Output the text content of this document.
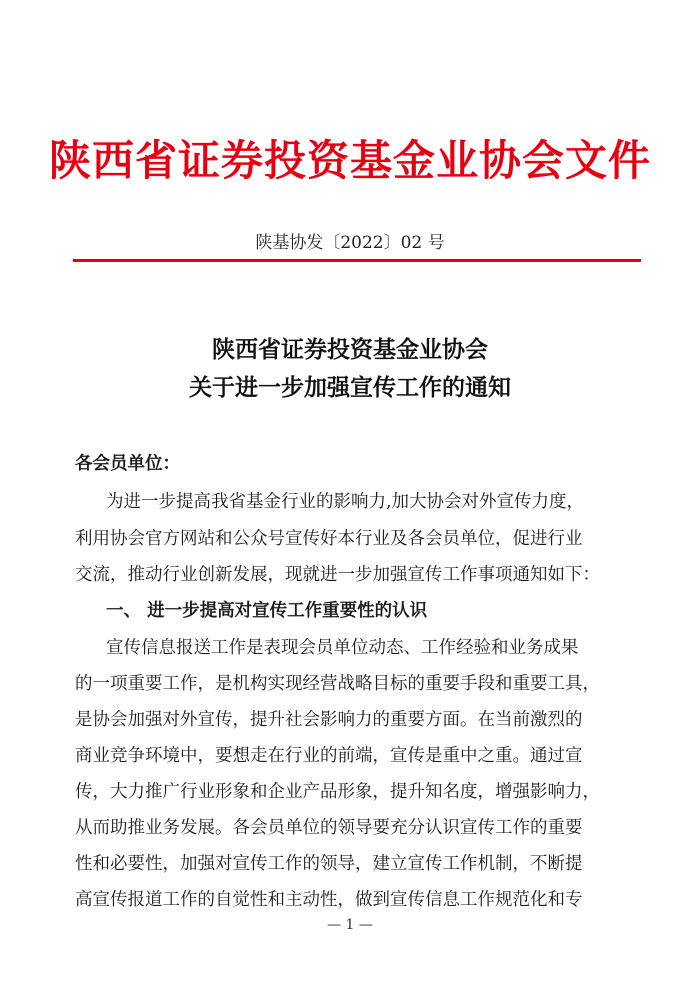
陕西省证券投资基金业协会文件
陕基协发〔2022〕02 号
陕西省证券投资基金业协会
关于进一步加强宣传工作的通知
各会员单位：
为进一步提高我省基金行业的影响力,加大协会对外宣传力度，
利用协会官方网站和公众号宣传好本行业及各会员单位，促进行业
交流，推动行业创新发展，现就进一步加强宣传工作事项通知如下：
一、 进一步提高对宣传工作重要性的认识
宣传信息报送工作是表现会员单位动态、工作经验和业务成果
的一项重要工作，是机构实现经营战略目标的重要手段和重要工具，
是协会加强对外宣传，提升社会影响力的重要方面。在当前激烈的
商业竞争环境中，要想走在行业的前端，宣传是重中之重。通过宣
传，大力推广行业形象和企业产品形象，提升知名度，增强影响力，
从而助推业务发展。各会员单位的领导要充分认识宣传工作的重要
性和必要性，加强对宣传工作的领导，建立宣传工作机制，不断提
高宣传报道工作的自觉性和主动性，做到宣传信息工作规范化和专
— 1 —
